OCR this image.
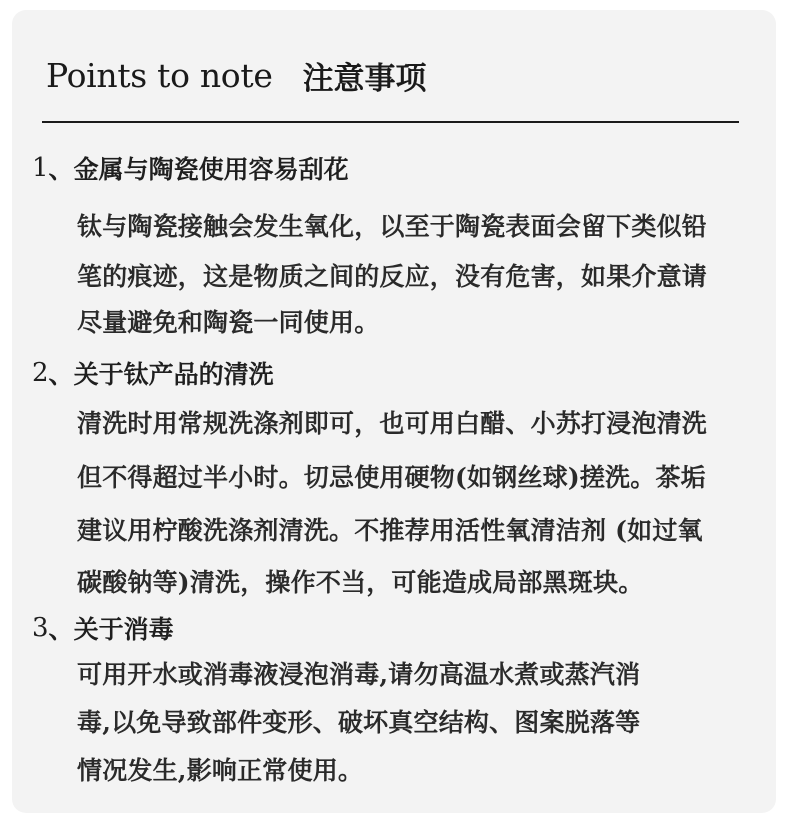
Points to note 注意事项
1 、 金属与陶瓷使用容易刮花
钛与陶瓷接触会发生氧化，以至于陶瓷表面会留下类似铅
笔的痕迹，这是物质之间的反应，没有危害，如果介意请
尽量避免和陶瓷一同使用。
2 、 关于钛产品的清洗
清洗时用常规洗涤剂即可，也可用白醋、小苏打浸泡清洗
但不得超过半小时。切忌使用硬物(如钢丝球)搓洗。茶垢
建议用柠酸洗涤剂清洗。不推荐用活性氧清洁剂 (如过氧
碳酸钠等)清洗，操作不当，可能造成局部黑斑块。
3 、 关于消毒
可用开水或消毒液浸泡消毒,请勿高温水煮或蒸汽消
毒,以免导致部件变形、破坏真空结构、图案脱落等
情况发生,影响正常使用。
